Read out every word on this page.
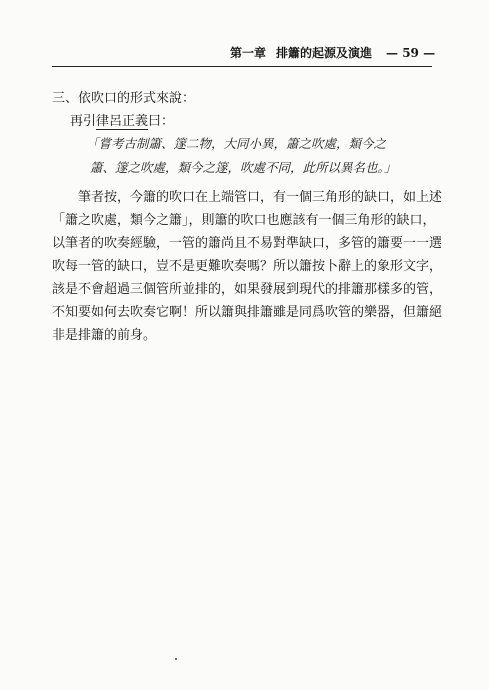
第一章 排簫的起源及演進 — 59 —
三、依吹口的形式來說：
再引律呂正義曰：
「嘗考古制簫、篴二物，大同小異，簫之吹處，類今之
簫、篴之吹處，類今之篴，吹處不同，此所以異名也。」
筆者按，今簫的吹口在上端管口，有一個三角形的缺口，如上述
「簫之吹處，類今之簫」，則簫的吹口也應該有一個三角形的缺口，
以筆者的吹奏經驗，一管的簫尚且不易對準缺口，多管的簫要一一選
吹每一管的缺口，豈不是更難吹奏嗎？所以簫按卜辭上的象形文字，
該是不會超過三個管所並排的，如果發展到現代的排簫那樣多的管，
不知要如何去吹奏它啊！所以簫與排簫雖是同爲吹管的樂器，但簫絕
非是排簫的前身。
